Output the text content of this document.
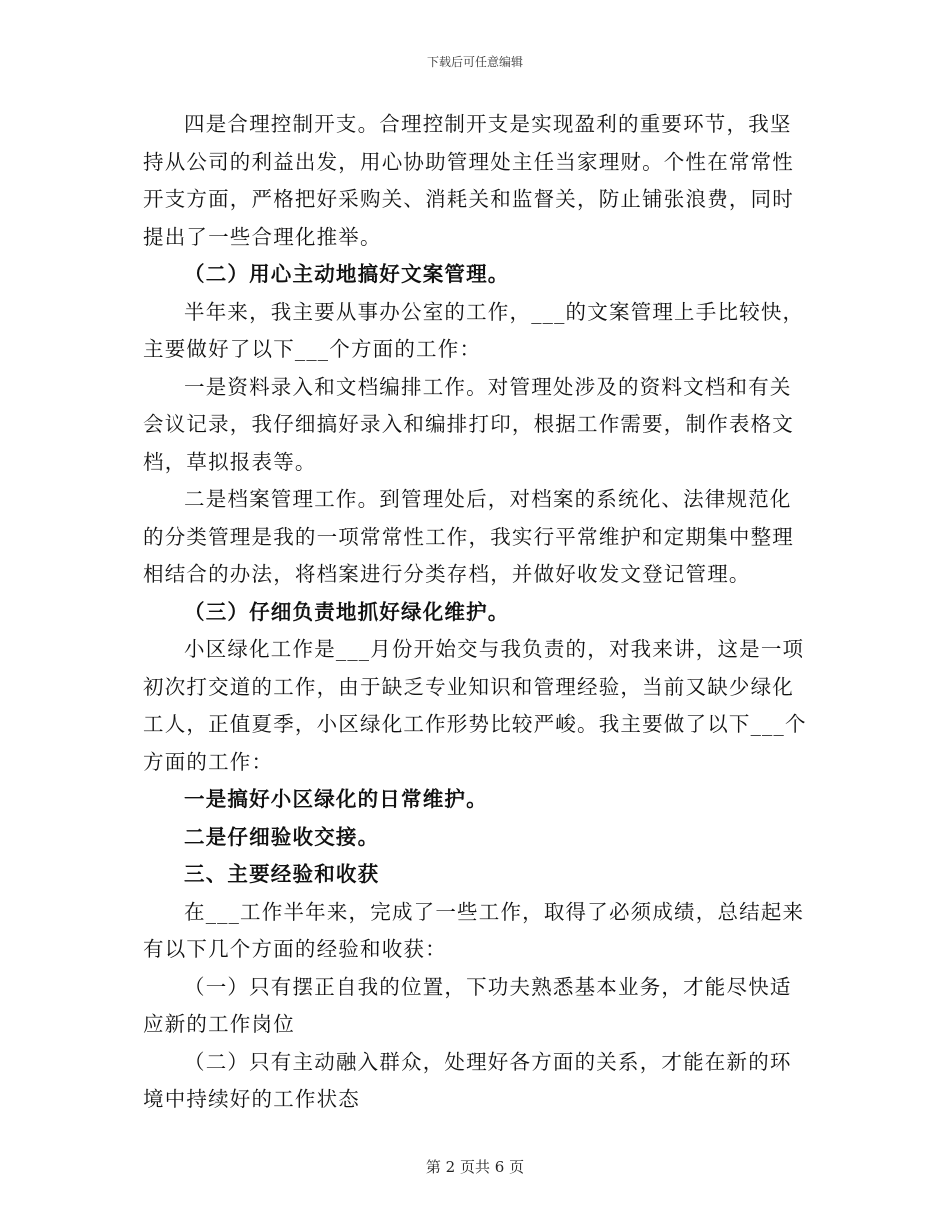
下载后可任意编辑

四是合理控制开支。合理控制开支是实现盈利的重要环节，我坚持从公司的利益出发，用心协助管理处主任当家理财。个性在常常性开支方面，严格把好采购关、消耗关和监督关，防止铺张浪费，同时提出了一些合理化推举。

（二）用心主动地搞好文案管理。

半年来，我主要从事办公室的工作，___的文案管理上手比较快，主要做好了以下___个方面的工作：

一是资料录入和文档编排工作。对管理处涉及的资料文档和有关会议记录，我仔细搞好录入和编排打印，根据工作需要，制作表格文档，草拟报表等。

二是档案管理工作。到管理处后，对档案的系统化、法律规范化的分类管理是我的一项常常性工作，我实行平常维护和定期集中整理相结合的办法，将档案进行分类存档，并做好收发文登记管理。

（三）仔细负责地抓好绿化维护。

小区绿化工作是___月份开始交与我负责的，对我来讲，这是一项初次打交道的工作，由于缺乏专业知识和管理经验，当前又缺少绿化工人，正值夏季，小区绿化工作形势比较严峻。我主要做了以下___个方面的工作：

一是搞好小区绿化的日常维护。

二是仔细验收交接。

三、主要经验和收获

在___工作半年来，完成了一些工作，取得了必须成绩，总结起来有以下几个方面的经验和收获：

（一）只有摆正自我的位置，下功夫熟悉基本业务，才能尽快适应新的工作岗位

（二）只有主动融入群众，处理好各方面的关系，才能在新的环境中持续好的工作状态

第 2 页共 6 页
